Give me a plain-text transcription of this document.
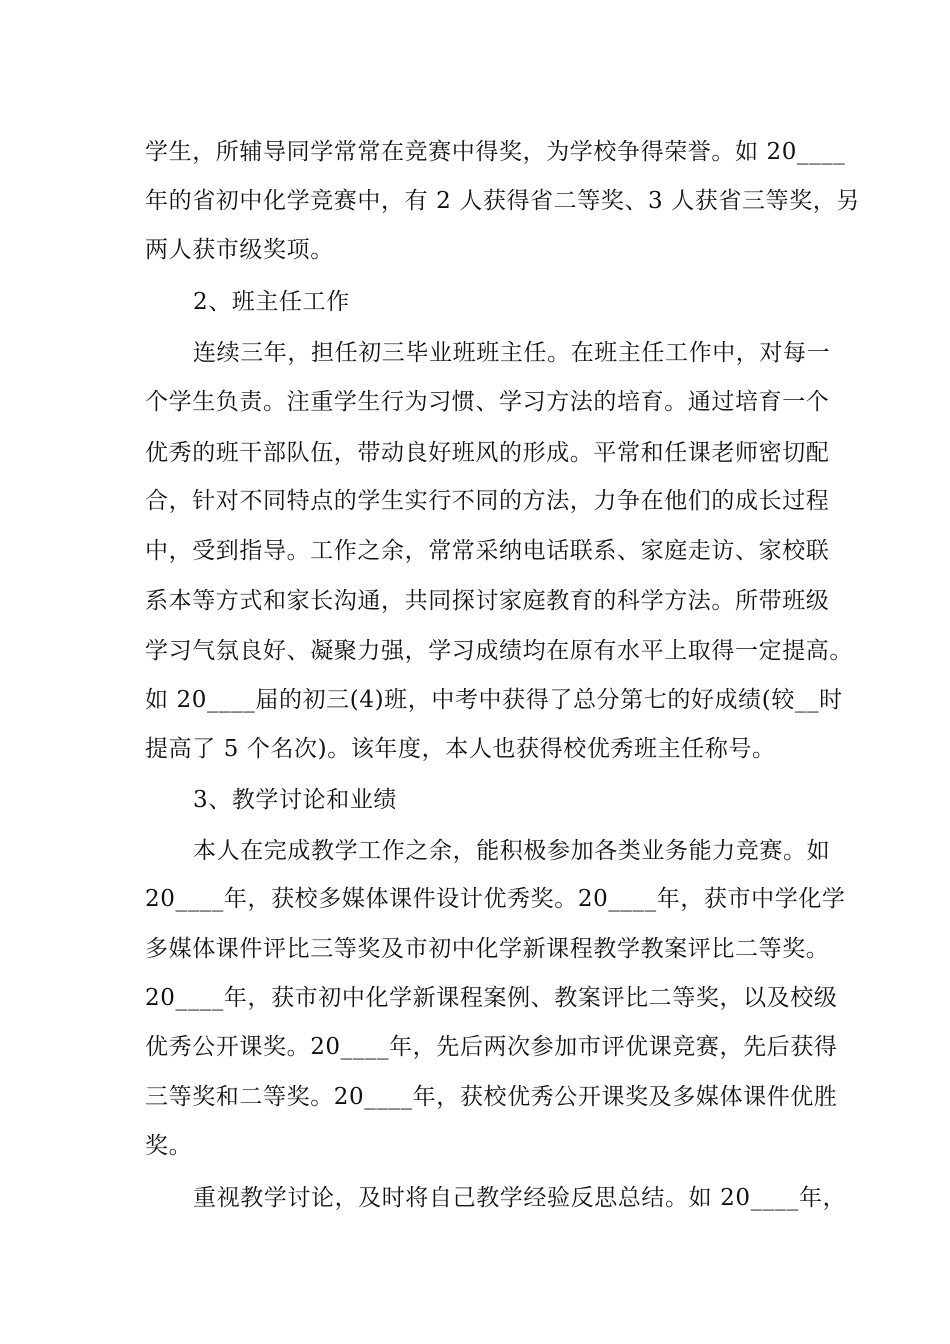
学生，所辅导同学常常在竞赛中得奖，为学校争得荣誉。如 20____
年的省初中化学竞赛中，有 2 人获得省二等奖、3 人获省三等奖，另
两人获市级奖项。
2、班主任工作
连续三年，担任初三毕业班班主任。在班主任工作中，对每一
个学生负责。注重学生行为习惯、学习方法的培育。通过培育一个
优秀的班干部队伍，带动良好班风的形成。平常和任课老师密切配
合，针对不同特点的学生实行不同的方法，力争在他们的成长过程
中，受到指导。工作之余，常常采纳电话联系、家庭走访、家校联
系本等方式和家长沟通，共同探讨家庭教育的科学方法。所带班级
学习气氛良好、凝聚力强，学习成绩均在原有水平上取得一定提高。
如 20____届的初三(4)班，中考中获得了总分第七的好成绩(较__时
提高了 5 个名次)。该年度，本人也获得校优秀班主任称号。
3、教学讨论和业绩
本人在完成教学工作之余，能积极参加各类业务能力竞赛。如
20____年，获校多媒体课件设计优秀奖。20____年，获市中学化学
多媒体课件评比三等奖及市初中化学新课程教学教案评比二等奖。
20____年，获市初中化学新课程案例、教案评比二等奖，以及校级
优秀公开课奖。20____年，先后两次参加市评优课竞赛，先后获得
三等奖和二等奖。20____年，获校优秀公开课奖及多媒体课件优胜
奖。
重视教学讨论，及时将自己教学经验反思总结。如 20____年，
